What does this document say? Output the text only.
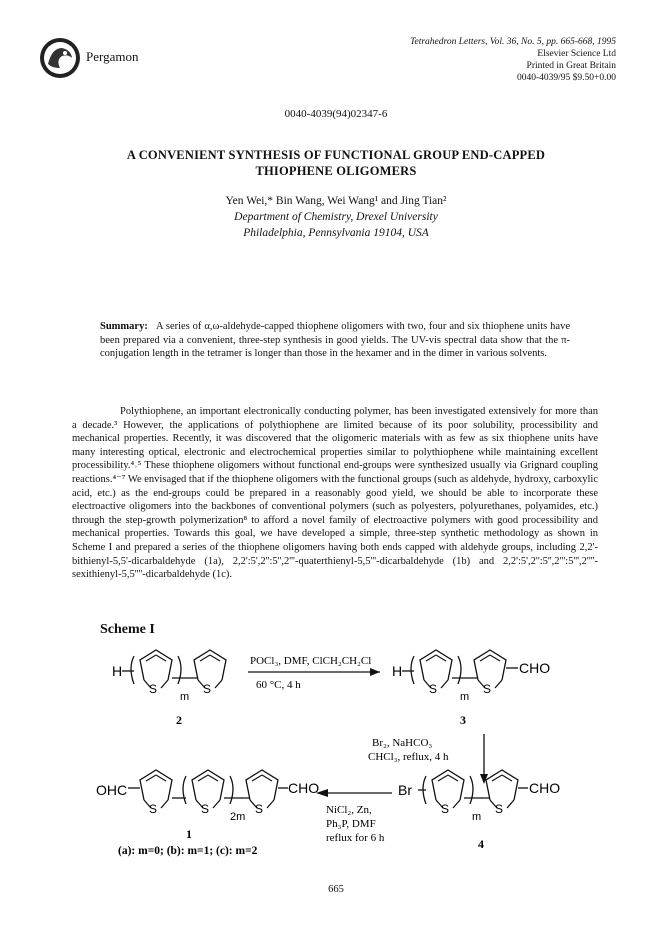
Pergamon
Tetrahedron Letters, Vol. 36, No. 5, pp. 665-668, 1995
Elsevier Science Ltd
Printed in Great Britain
0040-4039/95 $9.50+0.00
0040-4039(94)02347-6
A CONVENIENT SYNTHESIS OF FUNCTIONAL GROUP END-CAPPED
THIOPHENE OLIGOMERS
Yen Wei,* Bin Wang, Wei Wang¹ and Jing Tian²
Department of Chemistry, Drexel University
Philadelphia, Pennsylvania 19104, USA
Summary: A series of α,ω-aldehyde-capped thiophene oligomers with two, four and six thiophene units have been prepared via a convenient, three-step synthesis in good yields. The UV-vis spectral data show that the π-conjugation length in the tetramer is longer than those in the hexamer and in the dimer in various solvents.
Polythiophene, an important electronically conducting polymer, has been investigated extensively for more than a decade.³ However, the applications of polythiophene are limited because of its poor solubility, processibility and mechanical properties. Recently, it was discovered that the oligomeric materials with as few as six thiophene units have many interesting optical, electronic and electrochemical properties similar to polythiophene while maintaining excellent processibility.⁴˒⁵ These thiophene oligomers without functional end-groups were synthesized usually via Grignard coupling reactions.⁴⁻⁷ We envisaged that if the thiophene oligomers with the functional groups (such as aldehyde, hydroxy, carboxylic acid, etc.) as the end-groups could be prepared in a reasonably good yield, we should be able to incorporate these electroactive oligomers into the backbones of conventional polymers (such as polyesters, polyurethanes, polyamides, etc.) through the step-growth polymerization⁸ to afford a novel family of electroactive polymers with good processibility and mechanical properties. Towards this goal, we have developed a simple, three-step synthetic methodology as shown in Scheme I and prepared a series of the thiophene oligomers having both ends capped with aldehyde groups, including 2,2'-bithienyl-5,5'-dicarbaldehyde (1a), 2,2':5',2'':5'',2'''-quaterthienyl-5,5'''-dicarbaldehyde (1b) and 2,2':5',2'':5'',2''':5''',2''''-sexithienyl-5,5''''-dicarbaldehyde (1c).
Scheme I
H
S
m
S
2
POCl₃, DMF, ClCH₂CH₂Cl
60 °C, 4 h
H
S
m
S
CHO
3
Br₂, NaHCO₃
CHCl₃, reflux, 4 h
Br
S
m
S
CHO
4
NiCl₂, Zn,
Ph₃P, DMF
reflux for 6 h
OHC
S	S
2m
S
CHO
1
(a): m=0; (b): m=1; (c): m=2
665
